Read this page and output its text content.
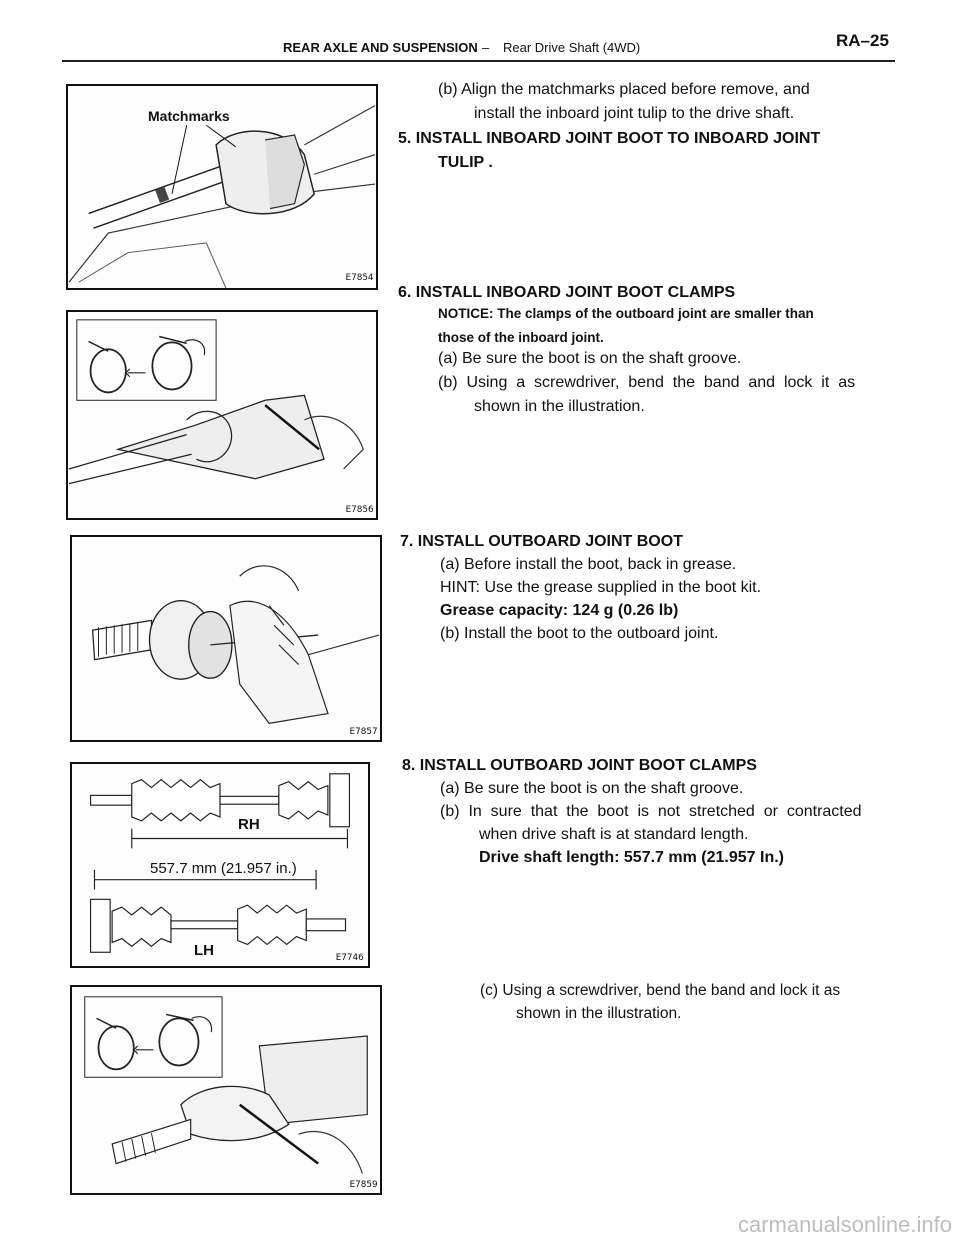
REAR AXLE AND SUSPENSION – Rear Drive Shaft (4WD)	RA–25
E7854
Matchmarks
E7856
E7857
E7746
RH
557.7 mm (21.957 in.)
LH
E7859
(b) Align the matchmarks placed before remove, and
install the inboard joint tulip to the drive shaft.
5. INSTALL INBOARD JOINT BOOT TO INBOARD JOINT
TULIP .
6. INSTALL INBOARD JOINT BOOT CLAMPS
NOTICE: The clamps of the outboard joint are smaller than
those of the inboard joint.
(a) Be sure the boot is on the shaft groove.
(b)  Using  a  screwdriver,  bend  the  band  and  lock  it  as
shown in the illustration.
7. INSTALL OUTBOARD JOINT BOOT
(a) Before install the boot, back in grease.
HINT: Use the grease supplied in the boot kit.
Grease capacity: 124 g (0.26 lb)
(b) Install the boot to the outboard joint.
8. INSTALL OUTBOARD JOINT BOOT CLAMPS
(a) Be sure the boot is on the shaft groove.
(b)  In  sure  that  the  boot  is  not  stretched  or  contracted
when drive shaft is at standard length.
Drive shaft length: 557.7 mm (21.957 In.)
(c) Using a screwdriver, bend the band and lock it as
shown in the illustration.
carmanualsonline.info
